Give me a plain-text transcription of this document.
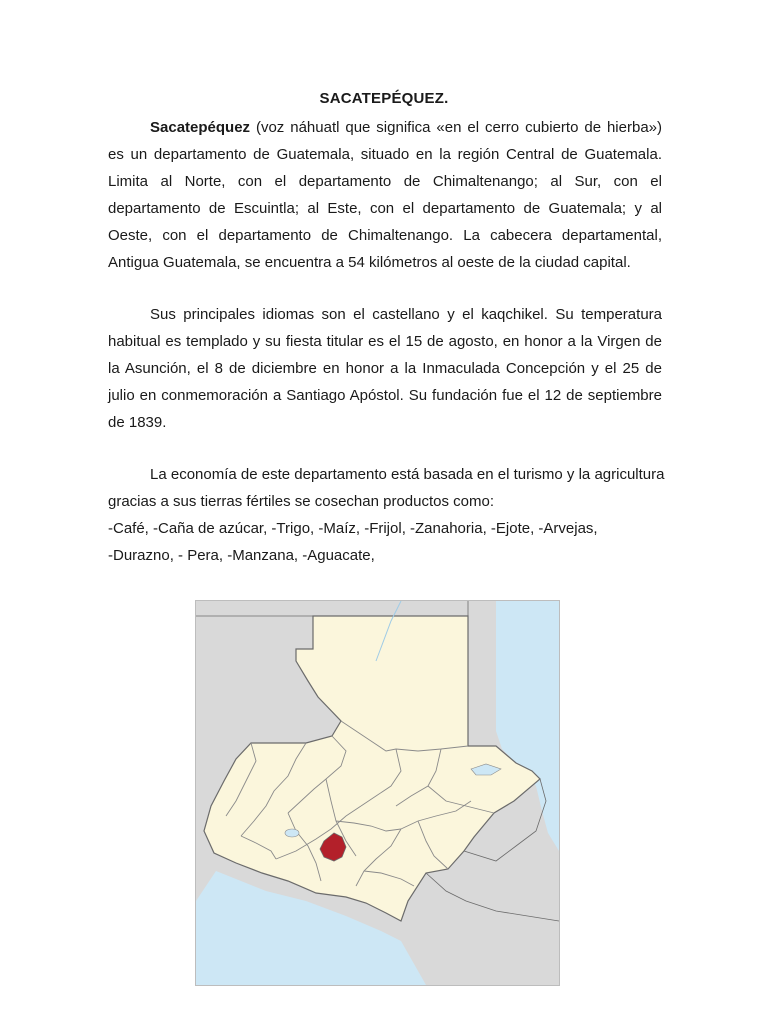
SACATEPÉQUEZ.

Sacatepéquez (voz náhuatl que significa «en el cerro cubierto de hierba») es un departamento de Guatemala, situado en la región Central de Guatemala. Limita al Norte, con el departamento de Chimaltenango; al Sur, con el departamento de Escuintla; al Este, con el departamento de Guatemala; y al Oeste, con el departamento de Chimaltenango. La cabecera departamental, Antigua Guatemala, se encuentra a 54 kilómetros al oeste de la ciudad capital.

Sus principales idiomas son el castellano y el kaqchikel. Su temperatura habitual es templado y su fiesta titular es el 15 de agosto, en honor a la Virgen de la Asunción, el 8 de diciembre en honor a la Inmaculada Concepción y el 25 de julio en conmemoración a Santiago Apóstol. Su fundación fue el 12 de septiembre de 1839.

La economía de este departamento está basada en el turismo y la agricultura
gracias a sus tierras fértiles se cosechan productos como:
-Café, -Caña de azúcar, -Trigo, -Maíz, -Frijol, -Zanahoria, -Ejote, -Arvejas,
-Durazno, - Pera, -Manzana, -Aguacate,
